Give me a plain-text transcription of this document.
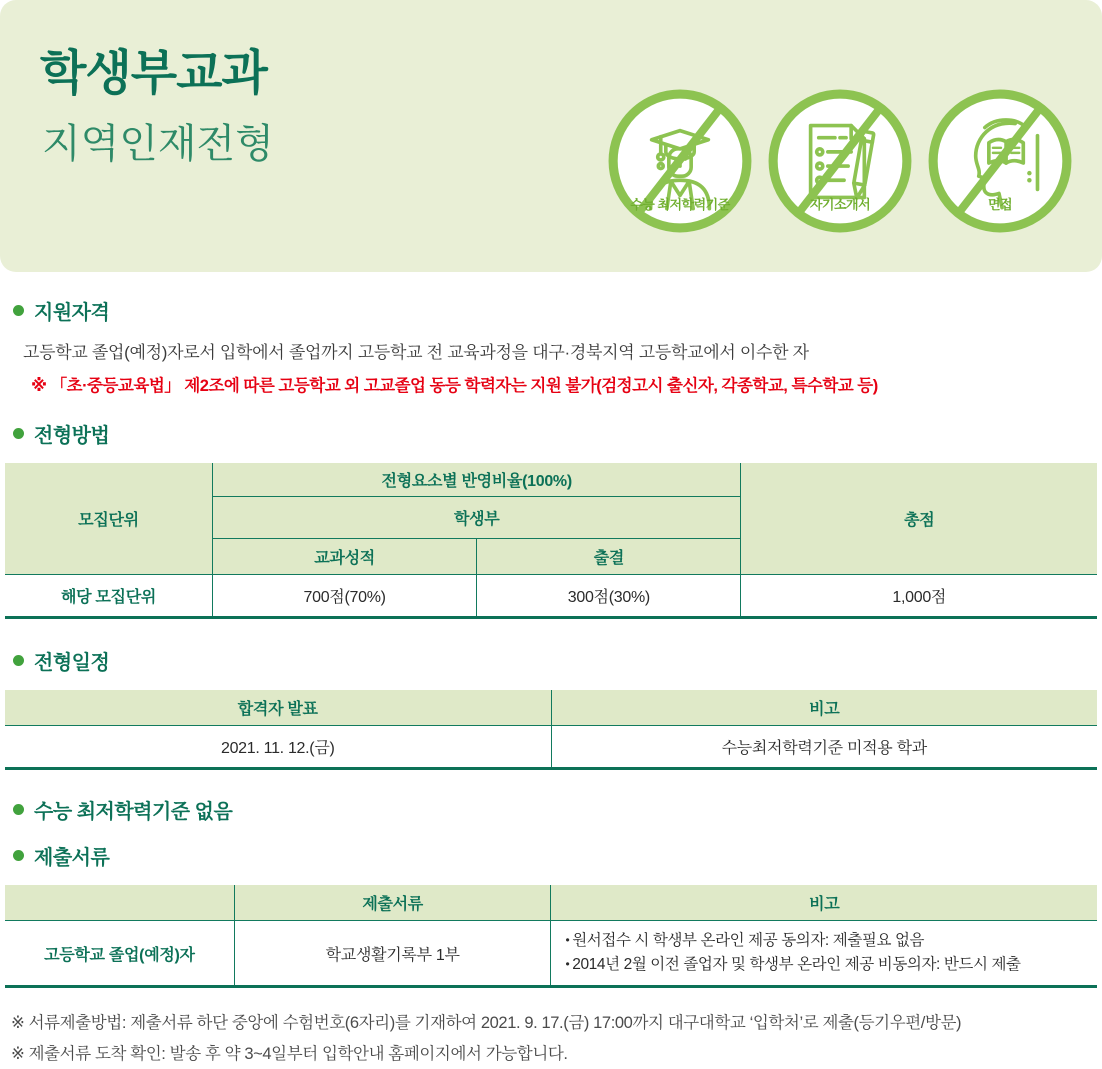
학생부교과
지역인재전형
수능 최저학력기준	자기소개서	면접
지원자격
고등학교 졸업(예정)자로서 입학에서 졸업까지 고등학교 전 교육과정을 대구·경북지역 고등학교에서 이수한 자
※ 「초·중등교육법」 제2조에 따른 고등학교 외 고교졸업 동등 학력자는 지원 불가(검정고시 출신자, 각종학교, 특수학교 등)
전형방법
모집단위	전형요소별 반영비율(100%)		총점
	학생부		
	교과성적	출결	
해당 모집단위	700점(70%)	300점(30%)	1,000점
전형일정
합격자 발표	비고
2021. 11. 12.(금)	수능최저학력기준 미적용 학과
수능 최저학력기준 없음
제출서류
	제출서류	비고
고등학교 졸업(예정)자	학교생활기록부 1부	• 원서접수 시 학생부 온라인 제공 동의자: 제출필요 없음
• 2014년 2월 이전 졸업자 및 학생부 온라인 제공 비동의자: 반드시 제출
※ 서류제출방법: 제출서류 하단 중앙에 수험번호(6자리)를 기재하여 2021. 9. 17.(금) 17:00까지 대구대학교 ‘입학처’로 제출(등기우편/방문)
※ 제출서류 도착 확인: 발송 후 약 3~4일부터 입학안내 홈페이지에서 가능합니다.
